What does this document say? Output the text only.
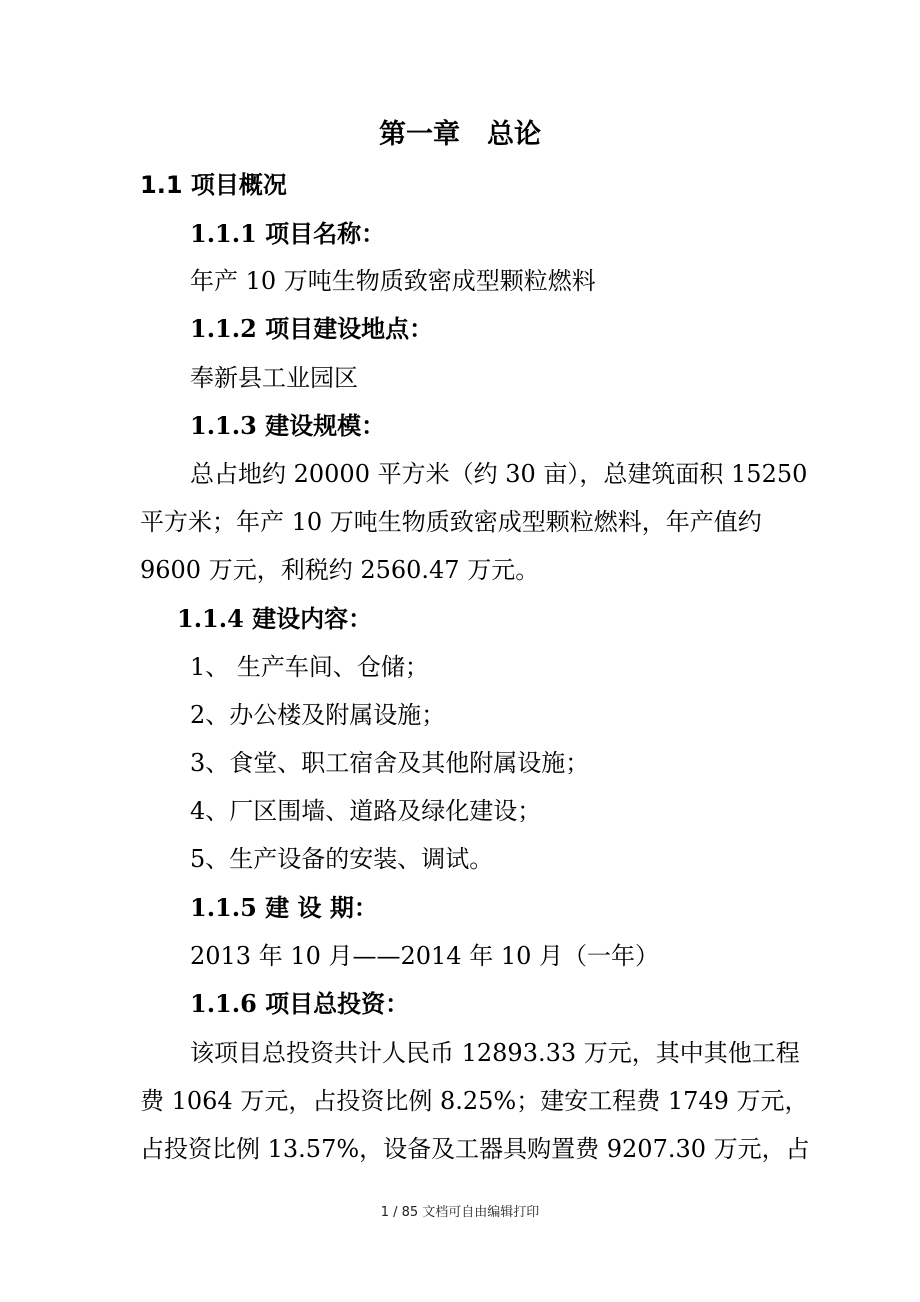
第一章　总论
1.1 项目概况
1.1.1 项目名称：
年产 10 万吨生物质致密成型颗粒燃料
1.1.2 项目建设地点：
奉新县工业园区
1.1.3 建设规模：
总占地约 20000 平方米（约 30 亩），总建筑面积 15250
平方米；年产 10 万吨生物质致密成型颗粒燃料，年产值约
9600 万元，利税约 2560.47 万元。
1.1.4 建设内容：
1、 生产车间、仓储；
2、办公楼及附属设施；
3、食堂、职工宿舍及其他附属设施；
4、厂区围墙、道路及绿化建设；
5、生产设备的安装、调试。
1.1.5 建 设 期：
2013 年 10 月——2014 年 10 月（一年）
1.1.6 项目总投资：
该项目总投资共计人民币 12893.33 万元，其中其他工程
费 1064 万元，占投资比例 8.25%；建安工程费 1749 万元，
占投资比例 13.57%，设备及工器具购置费 9207.30 万元，占
1 / 85 文档可自由编辑打印
